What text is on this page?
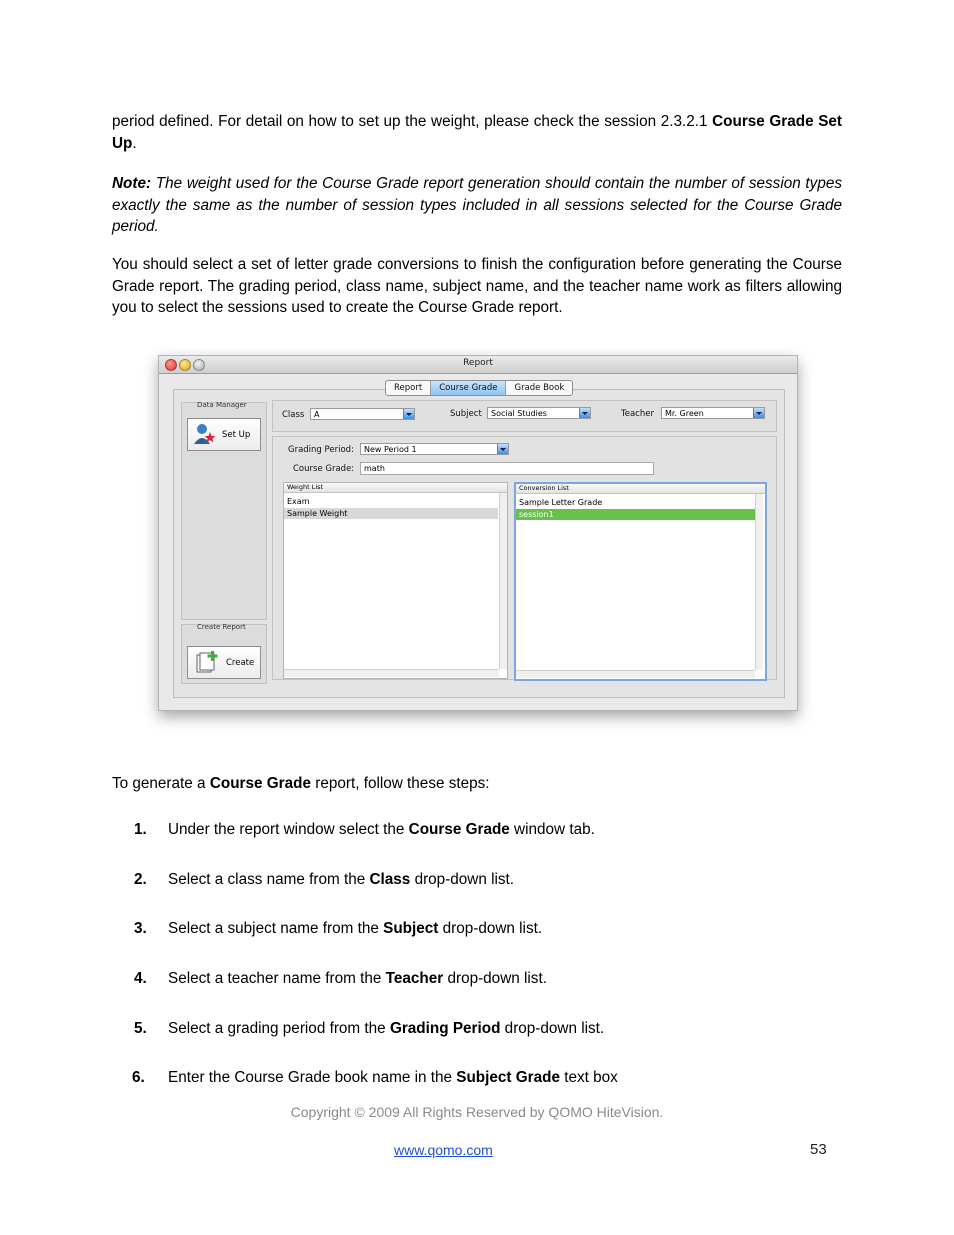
period defined. For detail on how to set up the weight, please check the session 2.3.2.1 Course Grade Set Up.

Note: The weight used for the Course Grade report generation should contain the number of session types exactly the same as the number of session types included in all sessions selected for the Course Grade period.

You should select a set of letter grade conversions to finish the configuration before generating the Course Grade report. The grading period, class name, subject name, and the teacher name work as filters allowing you to select the sessions used to create the Course Grade report.

Report
Report	Course Grade	Grade Book
Data Manager
Set Up
Create Report
Create
Class	A	Subject	Social Studies	Teacher	Mr. Green
Grading Period:	New Period 1
Course Grade:	math
Weight List
Exam
Sample Weight
Conversion List
Sample Letter Grade
session1

To generate a Course Grade report, follow these steps:

1. Under the report window select the Course Grade window tab.
2. Select a class name from the Class drop-down list.
3. Select a subject name from the Subject drop-down list.
4. Select a teacher name from the Teacher drop-down list.
5. Select a grading period from the Grading Period drop-down list.
6. Enter the Course Grade book name in the Subject Grade text box
Copyright © 2009 All Rights Reserved by QOMO HiteVision.
www.qomo.com	53
